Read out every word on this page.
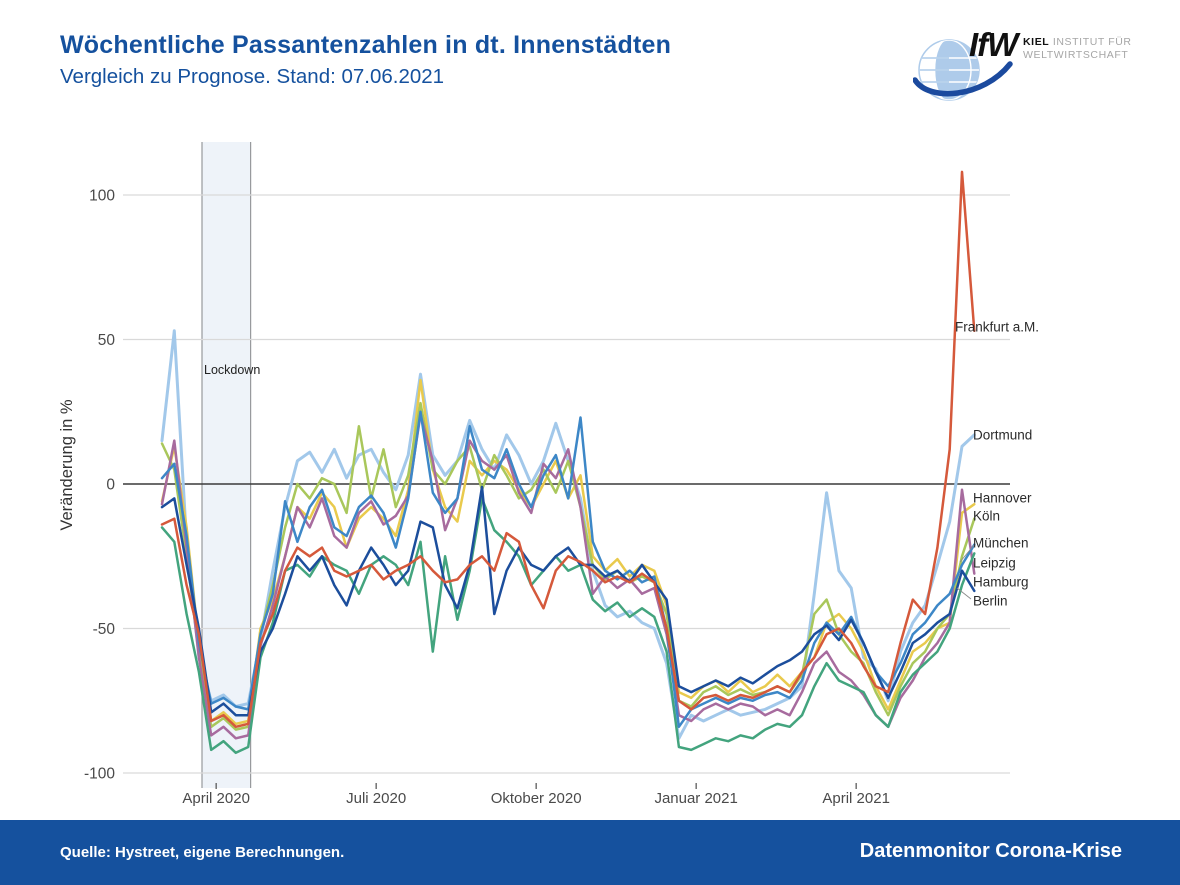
Wöchentliche Passantenzahlen in dt. Innenstädten
Vergleich zu Prognose. Stand: 07.06.2021
IfW KIEL INSTITUT FÜR
WELTWIRTSCHAFT
100
50
0
-50
-100
Lockdown
April 2020	Juli 2020	Oktober 2020	Januar 2021	April 2021
Veränderung in %	Dortmund
Hannover
Köln
Hamburg
Leipzig
München
Berlin
Frankfurt a.M.
Quelle: Hystreet, eigene Berechnungen.	Datenmonitor Corona-Krise
